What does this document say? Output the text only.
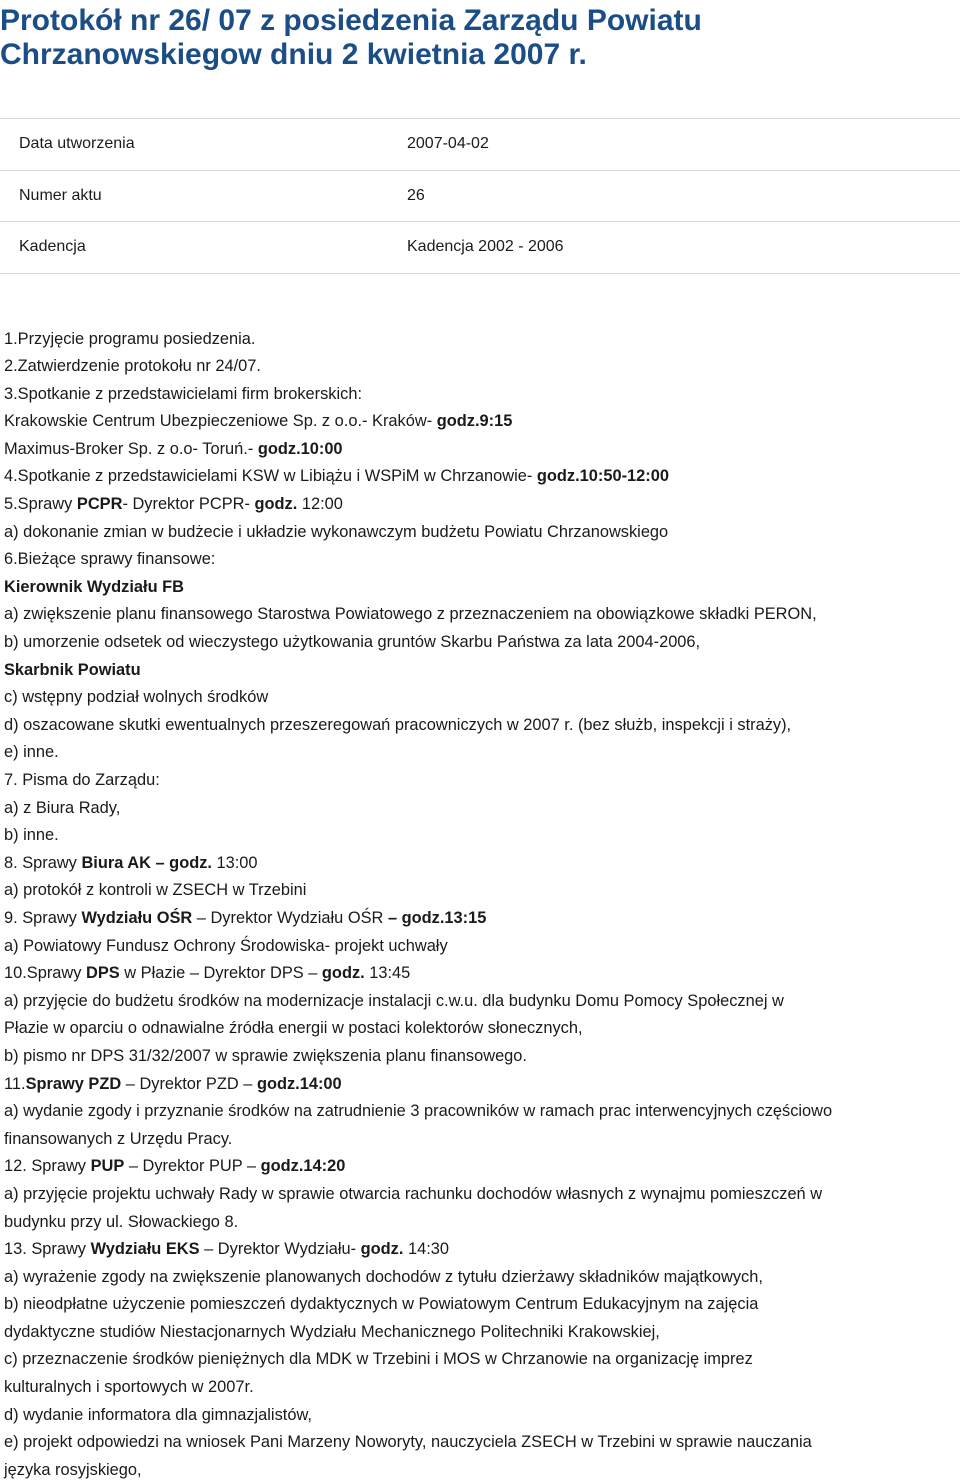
Protokół nr 26/ 07 z posiedzenia Zarządu Powiatu
Chrzanowskiegow dniu 2 kwietnia 2007 r.
Data utworzenia	2007-04-02
Numer aktu	26
Kadencja	Kadencja 2002 - 2006
1.Przyjęcie programu posiedzenia.
2.Zatwierdzenie protokołu nr 24/07.
3.Spotkanie z przedstawicielami firm brokerskich:
Krakowskie Centrum Ubezpieczeniowe Sp. z o.o.- Kraków- godz.9:15
Maximus-Broker Sp. z o.o- Toruń.- godz.10:00
4.Spotkanie z przedstawicielami KSW w Libiążu i WSPiM w Chrzanowie- godz.10:50-12:00
5.Sprawy PCPR- Dyrektor PCPR- godz. 12:00
a) dokonanie zmian w budżecie i układzie wykonawczym budżetu Powiatu Chrzanowskiego
6.Bieżące sprawy finansowe:
Kierownik Wydziału FB
a) zwiększenie planu finansowego Starostwa Powiatowego z przeznaczeniem na obowiązkowe składki PERON,
b) umorzenie odsetek od wieczystego użytkowania gruntów Skarbu Państwa za lata 2004-2006,
Skarbnik Powiatu
c) wstępny podział wolnych środków
d) oszacowane skutki ewentualnych przeszeregowań pracowniczych w 2007 r. (bez służb, inspekcji i straży),
e) inne.
7. Pisma do Zarządu:
a) z Biura Rady,
b) inne.
8. Sprawy Biura AK – godz. 13:00
a) protokół z kontroli w ZSECH w Trzebini
9. Sprawy Wydziału OŚR – Dyrektor Wydziału OŚR – godz.13:15
a) Powiatowy Fundusz Ochrony Środowiska- projekt uchwały
10.Sprawy DPS w Płazie – Dyrektor DPS – godz. 13:45
a) przyjęcie do budżetu środków na modernizacje instalacji c.w.u. dla budynku Domu Pomocy Społecznej w
Płazie w oparciu o odnawialne źródła energii w postaci kolektorów słonecznych,
b) pismo nr DPS 31/32/2007 w sprawie zwiększenia planu finansowego.
11.Sprawy PZD – Dyrektor PZD – godz.14:00
a) wydanie zgody i przyznanie środków na zatrudnienie 3 pracowników w ramach prac interwencyjnych częściowo
finansowanych z Urzędu Pracy.
12. Sprawy PUP – Dyrektor PUP – godz.14:20
a) przyjęcie projektu uchwały Rady w sprawie otwarcia rachunku dochodów własnych z wynajmu pomieszczeń w
budynku przy ul. Słowackiego 8.
13. Sprawy Wydziału EKS – Dyrektor Wydziału- godz. 14:30
a) wyrażenie zgody na zwiększenie planowanych dochodów z tytułu dzierżawy składników majątkowych,
b) nieodpłatne użyczenie pomieszczeń dydaktycznych w Powiatowym Centrum Edukacyjnym na zajęcia
dydaktyczne studiów Niestacjonarnych Wydziału Mechanicznego Politechniki Krakowskiej,
c) przeznaczenie środków pieniężnych dla MDK w Trzebini i MOS w Chrzanowie na organizację imprez
kulturalnych i sportowych w 2007r.
d) wydanie informatora dla gimnazjalistów,
e) projekt odpowiedzi na wniosek Pani Marzeny Noworyty, nauczyciela ZSECH w Trzebini w sprawie nauczania
języka rosyjskiego,
